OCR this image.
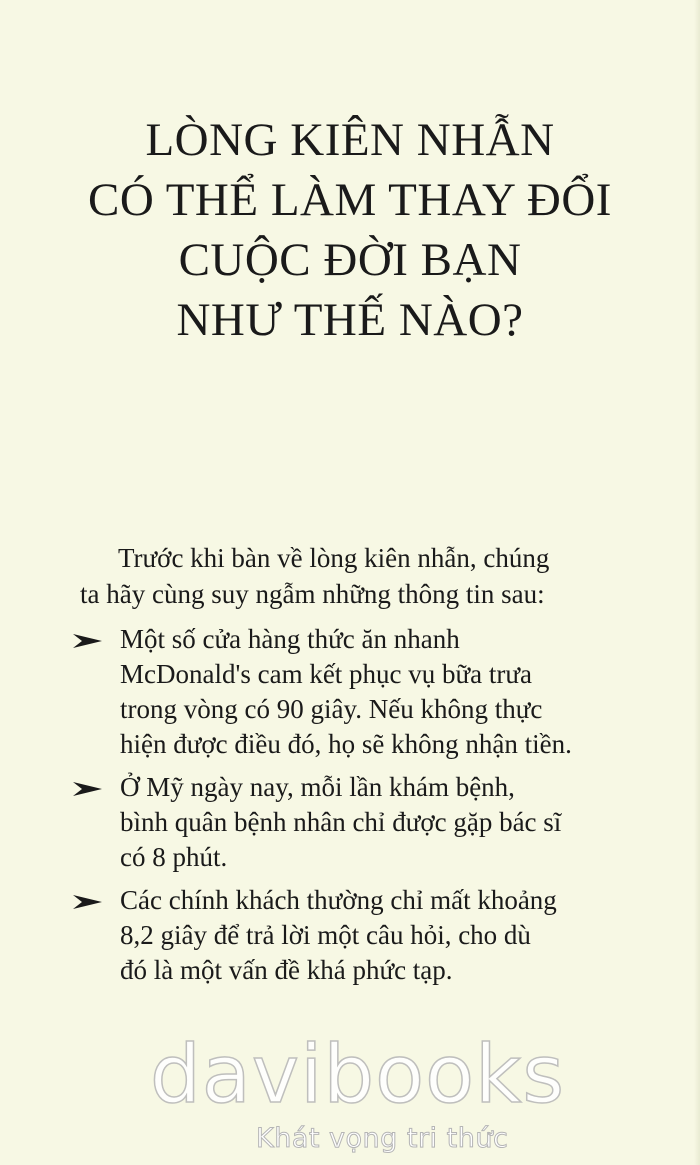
LÒNG KIÊN NHẪN
CÓ THỂ LÀM THAY ĐỔI
CUỘC ĐỜI BẠN
NHƯ THẾ NÀO?

Trước khi bàn về lòng kiên nhẫn, chúng
ta hãy cùng suy ngẫm những thông tin sau:

Một số cửa hàng thức ăn nhanh
McDonald's cam kết phục vụ bữa trưa
trong vòng có 90 giây. Nếu không thực
hiện được điều đó, họ sẽ không nhận tiền.
Ở Mỹ ngày nay, mỗi lần khám bệnh,
bình quân bệnh nhân chỉ được gặp bác sĩ
có 8 phút.
Các chính khách thường chỉ mất khoảng
8,2 giây để trả lời một câu hỏi, cho dù
đó là một vấn đề khá phức tạp.
davibooks
Khát vọng tri thức
